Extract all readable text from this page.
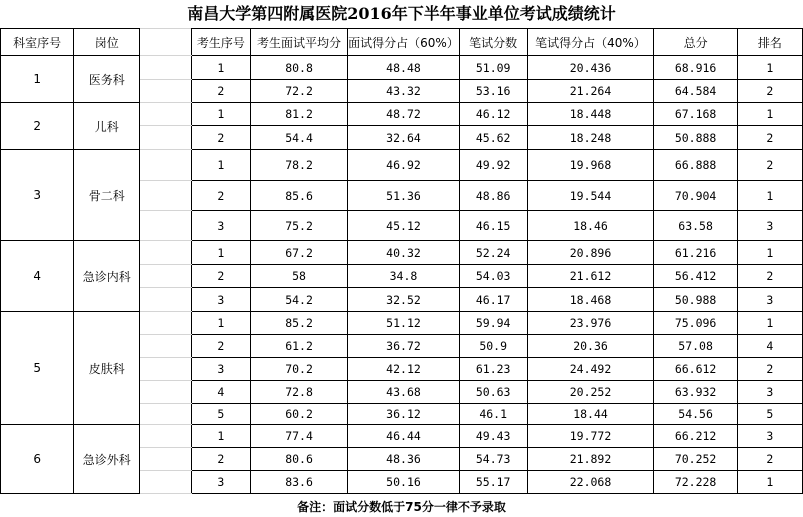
南昌大学第四附属医院2016年下半年事业单位考试成绩统计
科室序号	岗位		考生序号	考生面试平均分	面试得分占（60%）	笔试分数	笔试得分占（40%）	总分	排名
1	医务科		1	80.8	48.48	51.09	20.436	68.916	1
			2	72.2	43.32	53.16	21.264	64.584	2
2	儿科		1	81.2	48.72	46.12	18.448	67.168	1
			2	54.4	32.64	45.62	18.248	50.888	2
3	骨二科		1	78.2	46.92	49.92	19.968	66.888	2
			2	85.6	51.36	48.86	19.544	70.904	1
			3	75.2	45.12	46.15	18.46	63.58	3
4	急诊内科		1	67.2	40.32	52.24	20.896	61.216	1
			2	58	34.8	54.03	21.612	56.412	2
			3	54.2	32.52	46.17	18.468	50.988	3
5	皮肤科		1	85.2	51.12	59.94	23.976	75.096	1
			2	61.2	36.72	50.9	20.36	57.08	4
			3	70.2	42.12	61.23	24.492	66.612	2
			4	72.8	43.68	50.63	20.252	63.932	3
			5	60.2	36.12	46.1	18.44	54.56	5
6	急诊外科		1	77.4	46.44	49.43	19.772	66.212	3
			2	80.6	48.36	54.73	21.892	70.252	2
			3	83.6	50.16	55.17	22.068	72.228	1
备注：面试分数低于75分一律不予录取
